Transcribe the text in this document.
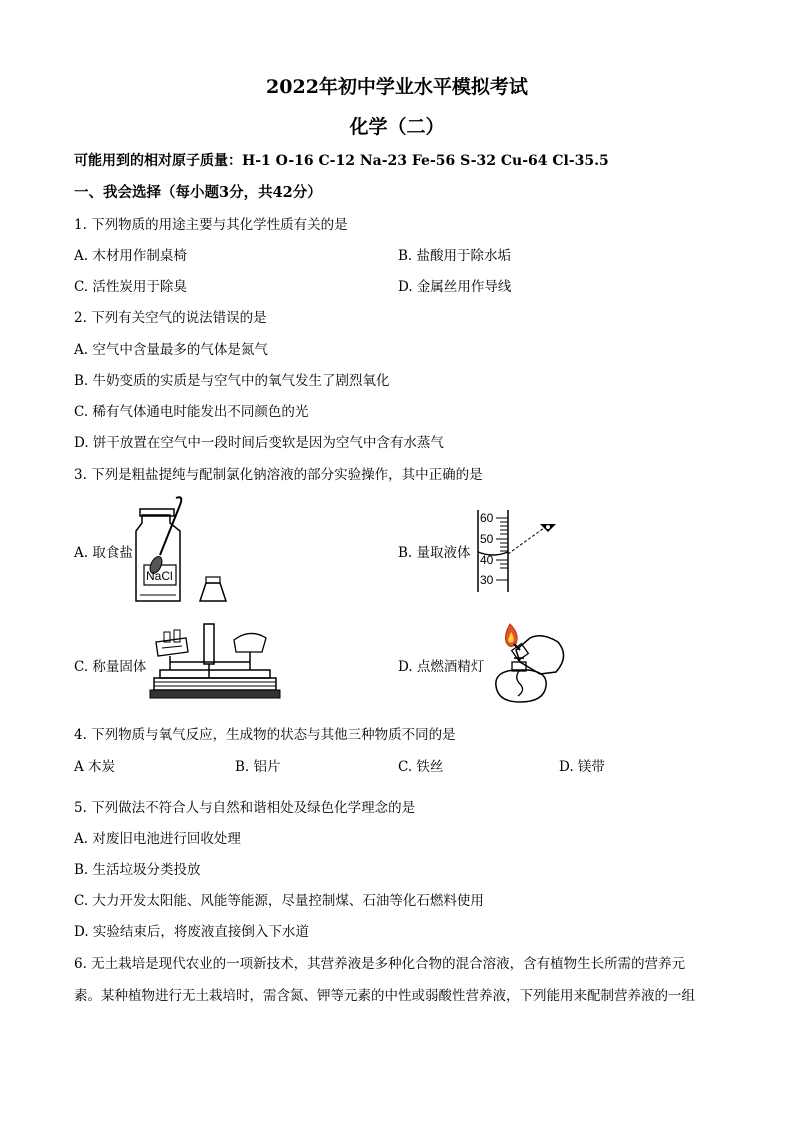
2022年初中学业水平模拟考试
化学（二）
可能用到的相对原子质量：H-1 O-16 C-12 Na-23 Fe-56 S-32 Cu-64 Cl-35.5
一、我会选择（每小题3分，共42分）
1. 下列物质的用途主要与其化学性质有关的是
A. 木材用作制桌椅	B. 盐酸用于除水垢
C. 活性炭用于除臭	D. 金属丝用作导线
2. 下列有关空气的说法错误的是
A. 空气中含量最多的气体是氮气
B. 牛奶变质的实质是与空气中的氧气发生了剧烈氧化
C. 稀有气体通电时能发出不同颜色的光
D. 饼干放置在空气中一段时间后变软是因为空气中含有水蒸气
3. 下列是粗盐提纯与配制氯化钠溶液的部分实验操作，其中正确的是
A. 取食盐
NaCl
B. 量取液体
60
50
40
30
C. 称量固体	D. 点燃酒精灯
4. 下列物质与氧气反应，生成物的状态与其他三种物质不同的是
A 木炭	B. 铝片	C. 铁丝	D. 镁带
5. 下列做法不符合人与自然和谐相处及绿色化学理念的是
A. 对废旧电池进行回收处理
B. 生活垃圾分类投放
C. 大力开发太阳能、风能等能源，尽量控制煤、石油等化石燃料使用
D. 实验结束后，将废液直接倒入下水道
6. 无土栽培是现代农业的一项新技术，其营养液是多种化合物的混合溶液，含有植物生长所需的营养元
素。某种植物进行无土栽培时，需含氮、钾等元素的中性或弱酸性营养液，下列能用来配制营养液的一组
